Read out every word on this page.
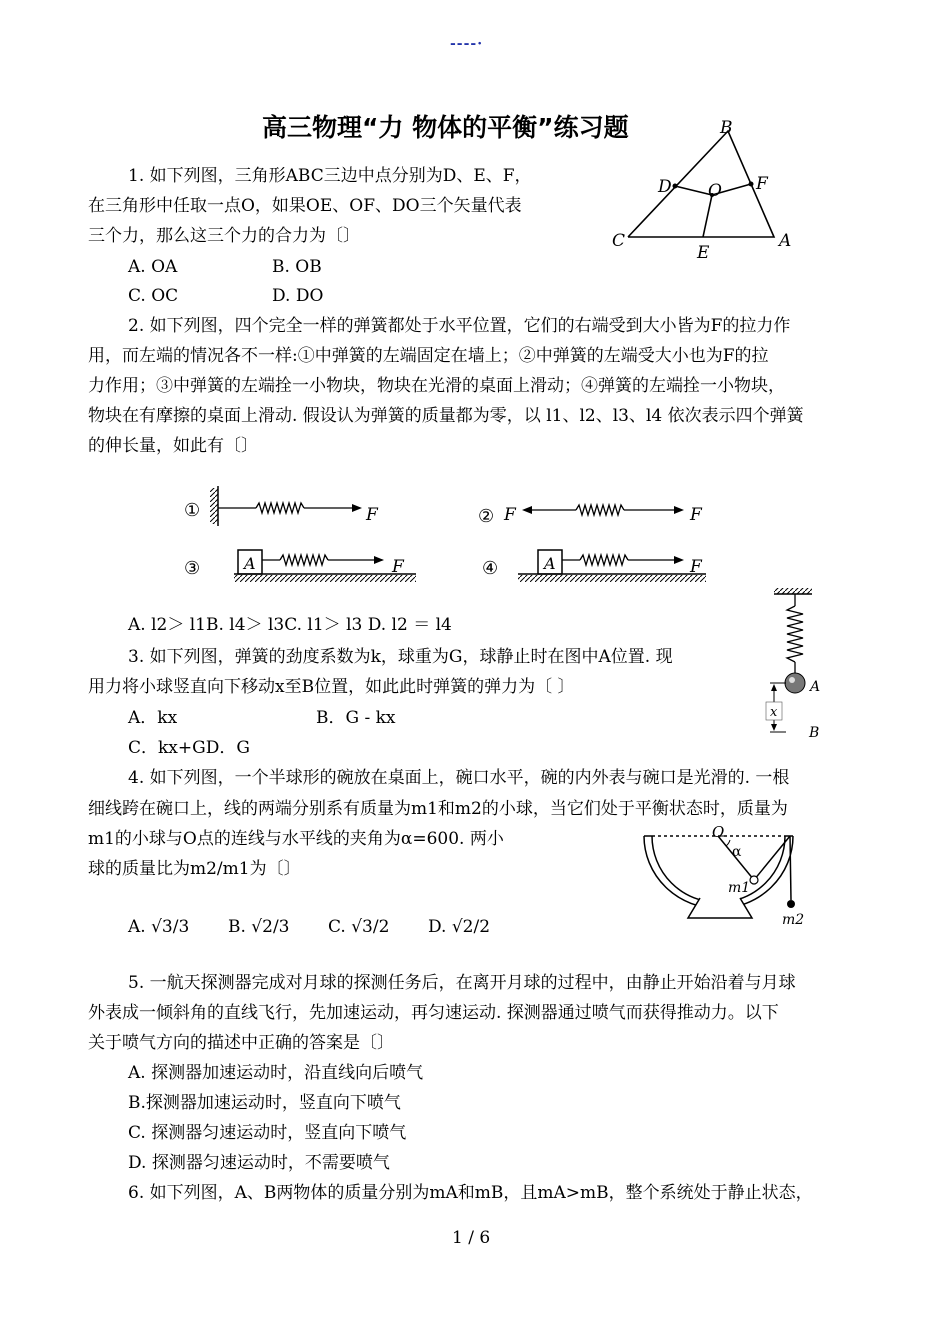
----·
高三物理“力 物体的平衡”练习题
1. 如下列图，三角形ABC三边中点分别为D、E、F，
在三角形中任取一点O，如果OE、OF、DO三个矢量代表
三个力，那么这三个力的合力为〔〕
A. OA	B. OB
C. OC	D. DO
B
D O F
C
E
A
2. 如下列图，四个完全一样的弹簧都处于水平位置，它们的右端受到大小皆为F的拉力作
用，而左端的情况各不一样:①中弹簧的左端固定在墙上；②中弹簧的左端受大小也为F的拉
力作用；③中弹簧的左端拴一小物块，物块在光滑的桌面上滑动；④弹簧的左端拴一小物块，
物块在有摩擦的桌面上滑动. 假设认为弹簧的质量都为零，以 l1、l2、l3、l4 依次表示四个弹簧
的伸长量，如此有〔〕
①	②
③	④
F	F	F
A	F	A	F
A. l2＞ l1B. l4＞ l3C. l1＞ l3 D. l2 ＝ l4
3. 如下列图，弹簧的劲度系数为k，球重为G，球静止时在图中A位置. 现
用力将小球竖直向下移动x至B位置，如此此时弹簧的弹力为〔 〕
A．kx	B．G - kx
C．kx+GD．G
A
x
B
4. 如下列图，一个半球形的碗放在桌面上，碗口水平，碗的内外表与碗口是光滑的. 一根
细线跨在碗口上，线的两端分别系有质量为m1和m2的小球，当它们处于平衡状态时，质量为
m1的小球与O点的连线与水平线的夹角为α=600. 两小
球的质量比为m2/m1为〔〕
A. √3/3 B. √2/3 C. √3/2 D. √2/2
O
α
m1
m2
5. 一航天探测器完成对月球的探测任务后，在离开月球的过程中，由静止开始沿着与月球
外表成一倾斜角的直线飞行，先加速运动，再匀速运动. 探测器通过喷气而获得推动力。以下
关于喷气方向的描述中正确的答案是〔〕
A. 探测器加速运动时，沿直线向后喷气
B.探测器加速运动时，竖直向下喷气
C. 探测器匀速运动时，竖直向下喷气
D. 探测器匀速运动时，不需要喷气
6. 如下列图，A、B两物体的质量分别为mA和mB，且mA>mB，整个系统处于静止状态，
1 / 6
